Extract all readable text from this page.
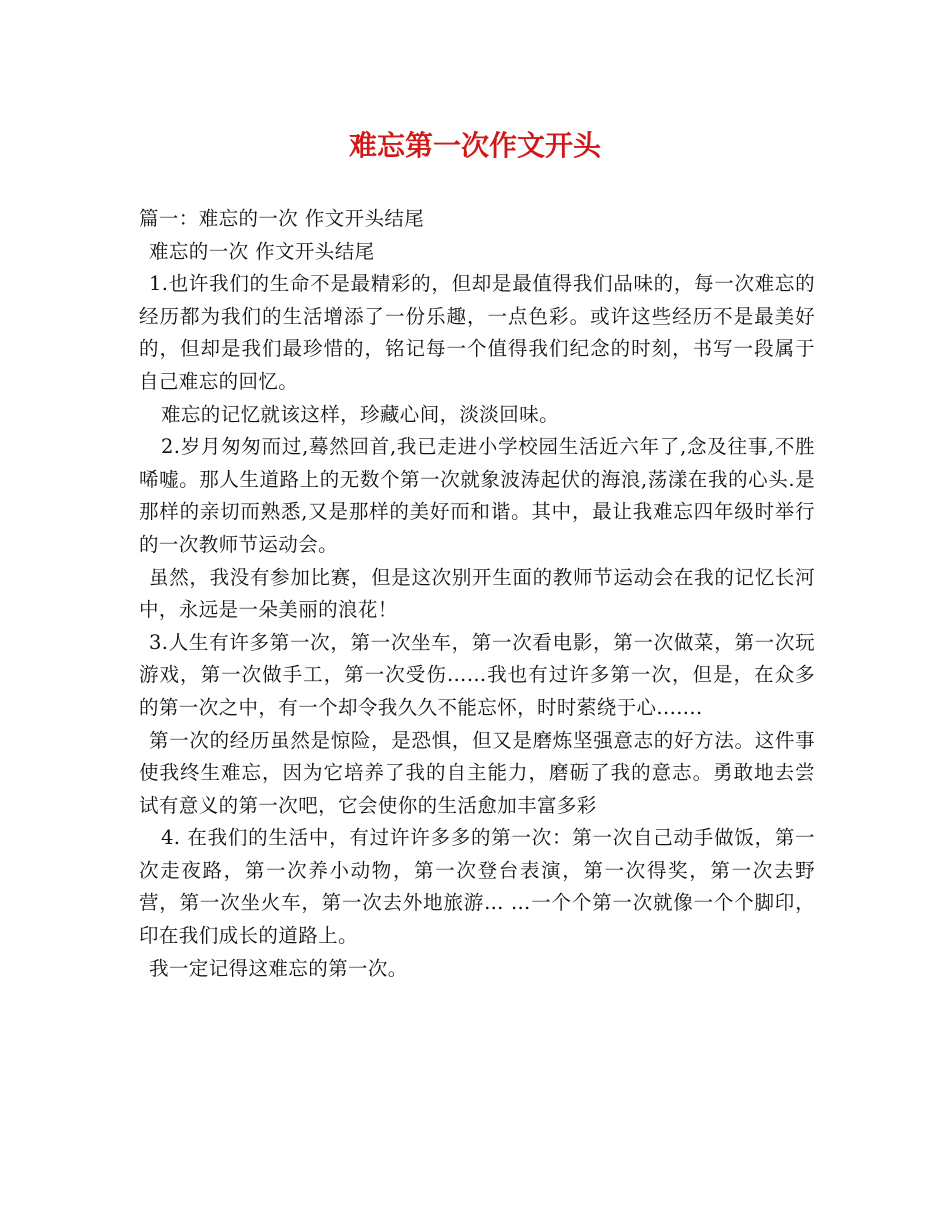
难忘第一次作文开头

篇一：难忘的一次 作文开头结尾

难忘的一次 作文开头结尾

1.也许我们的生命不是最精彩的，但却是最值得我们品味的，每一次难忘的经历都为我们的生活增添了一份乐趣，一点色彩。或许这些经历不是最美好的，但却是我们最珍惜的，铭记每一个值得我们纪念的时刻，书写一段属于自己难忘的回忆。

难忘的记忆就该这样，珍藏心间，淡淡回味。

2.岁月匆匆而过,蓦然回首,我已走进小学校园生活近六年了,念及往事,不胜唏嘘。那人生道路上的无数个第一次就象波涛起伏的海浪,荡漾在我的心头.是那样的亲切而熟悉,又是那样的美好而和谐。其中，最让我难忘四年级时举行的一次教师节运动会。

虽然，我没有参加比赛，但是这次别开生面的教师节运动会在我的记忆长河中，永远是一朵美丽的浪花！

3.人生有许多第一次，第一次坐车，第一次看电影，第一次做菜，第一次玩游戏，第一次做手工，第一次受伤……我也有过许多第一次，但是，在众多的第一次之中，有一个却令我久久不能忘怀，时时萦绕于心.......

第一次的经历虽然是惊险，是恐惧，但又是磨炼坚强意志的好方法。这件事使我终生难忘，因为它培养了我的自主能力，磨砺了我的意志。勇敢地去尝试有意义的第一次吧，它会使你的生活愈加丰富多彩

4. 在我们的生活中，有过许许多多的第一次：第一次自己动手做饭，第一次走夜路，第一次养小动物，第一次登台表演，第一次得奖，第一次去野营，第一次坐火车，第一次去外地旅游… …一个个第一次就像一个个脚印，印在我们成长的道路上。

我一定记得这难忘的第一次。
